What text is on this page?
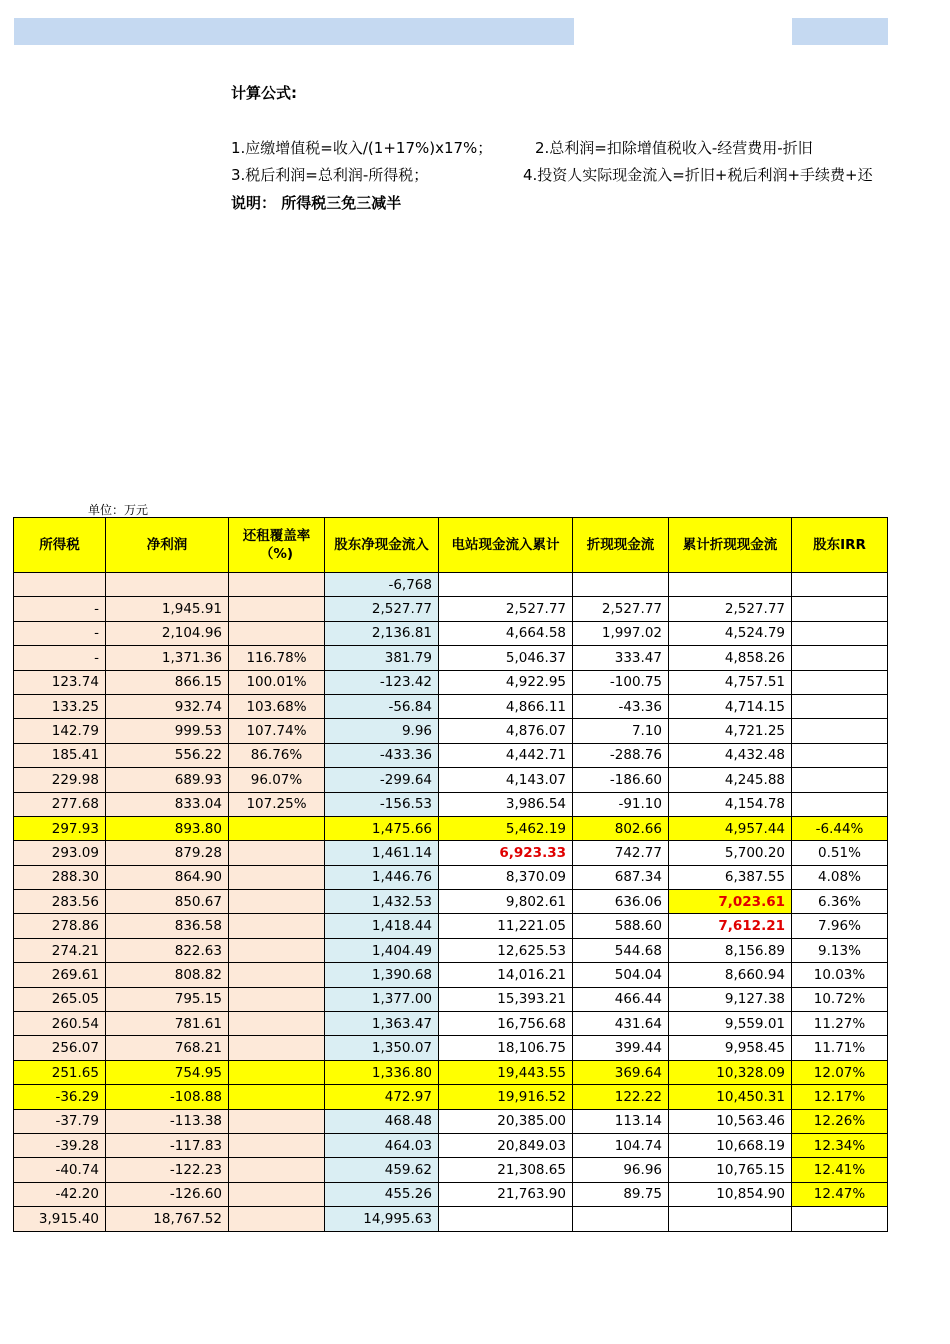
计算公式:
1.应缴增值税=收入/(1+17%)x17%；	2.总利润=扣除增值税收入-经营费用-折旧
3.税后利润=总利润-所得税；	4.投资人实际现金流入=折旧+税后利润+手续费+还
说明： 所得税三免三减半
单位：万元
所得税	净利润	还租覆盖率（%)	股东净现金流入	电站现金流入累计	折现现金流	累计折现现金流	股东IRR
			-6,768				
-	1,945.91		2,527.77	2,527.77	2,527.77	2,527.77	
-	2,104.96		2,136.81	4,664.58	1,997.02	4,524.79	
-	1,371.36	116.78%	381.79	5,046.37	333.47	4,858.26	
123.74	866.15	100.01%	-123.42	4,922.95	-100.75	4,757.51	
133.25	932.74	103.68%	-56.84	4,866.11	-43.36	4,714.15	
142.79	999.53	107.74%	9.96	4,876.07	7.10	4,721.25	
185.41	556.22	86.76%	-433.36	4,442.71	-288.76	4,432.48	
229.98	689.93	96.07%	-299.64	4,143.07	-186.60	4,245.88	
277.68	833.04	107.25%	-156.53	3,986.54	-91.10	4,154.78	
297.93	893.80		1,475.66	5,462.19	802.66	4,957.44	-6.44%
293.09	879.28		1,461.14	6,923.33	742.77	5,700.20	0.51%
288.30	864.90		1,446.76	8,370.09	687.34	6,387.55	4.08%
283.56	850.67		1,432.53	9,802.61	636.06	7,023.61	6.36%
278.86	836.58		1,418.44	11,221.05	588.60	7,612.21	7.96%
274.21	822.63		1,404.49	12,625.53	544.68	8,156.89	9.13%
269.61	808.82		1,390.68	14,016.21	504.04	8,660.94	10.03%
265.05	795.15		1,377.00	15,393.21	466.44	9,127.38	10.72%
260.54	781.61		1,363.47	16,756.68	431.64	9,559.01	11.27%
256.07	768.21		1,350.07	18,106.75	399.44	9,958.45	11.71%
251.65	754.95		1,336.80	19,443.55	369.64	10,328.09	12.07%
-36.29	-108.88		472.97	19,916.52	122.22	10,450.31	12.17%
-37.79	-113.38		468.48	20,385.00	113.14	10,563.46	12.26%
-39.28	-117.83		464.03	20,849.03	104.74	10,668.19	12.34%
-40.74	-122.23		459.62	21,308.65	96.96	10,765.15	12.41%
-42.20	-126.60		455.26	21,763.90	89.75	10,854.90	12.47%
3,915.40	18,767.52		14,995.63				
